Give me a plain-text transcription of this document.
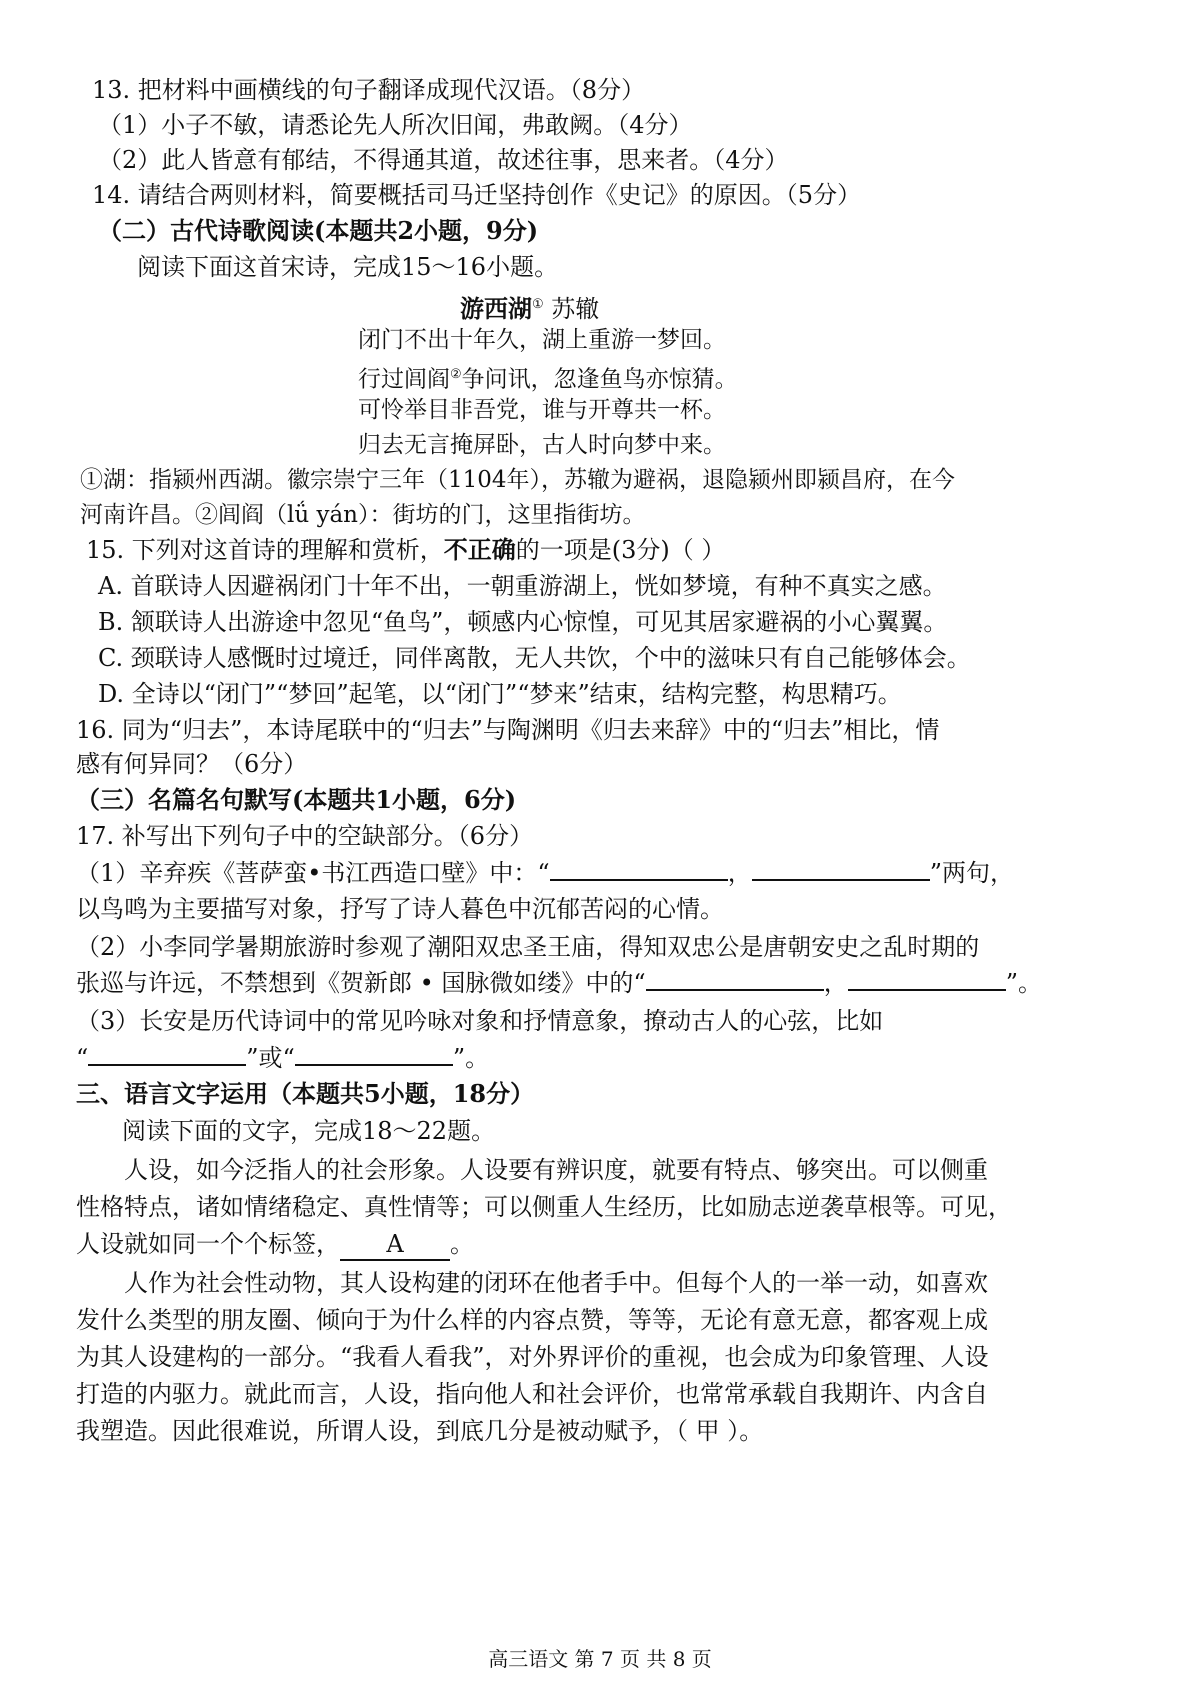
13. 把材料中画横线的句子翻译成现代汉语。（8分）
（1）小子不敏，请悉论先人所次旧闻，弗敢阙。（4分）
（2）此人皆意有郁结，不得通其道，故述往事，思来者。（4分）
14. 请结合两则材料，简要概括司马迁坚持创作《史记》的原因。（5分）
（二）古代诗歌阅读(本题共2小题，9分)
阅读下面这首宋诗，完成15～16小题。
游西湖① 苏辙
闭门不出十年久，湖上重游一梦回。
行过闾阎②争问讯，忽逢鱼鸟亦惊猜。
可怜举目非吾党，谁与开尊共一杯。
归去无言掩屏卧，古人时向梦中来。
①湖：指颍州西湖。徽宗崇宁三年（1104年），苏辙为避祸，退隐颍州即颍昌府，在今
河南许昌。②闾阎（lǘ yán）：街坊的门，这里指街坊。
15. 下列对这首诗的理解和赏析，不正确的一项是(3分)（ ）
A. 首联诗人因避祸闭门十年不出，一朝重游湖上，恍如梦境，有种不真实之感。
B. 颔联诗人出游途中忽见“鱼鸟”，顿感内心惊惶，可见其居家避祸的小心翼翼。
C. 颈联诗人感慨时过境迁，同伴离散，无人共饮，个中的滋味只有自己能够体会。
D. 全诗以“闭门”“梦回”起笔，以“闭门”“梦来”结束，结构完整，构思精巧。
16. 同为“归去”，本诗尾联中的“归去”与陶渊明《归去来辞》中的“归去”相比，情
感有何异同？（6分）
（三）名篇名句默写(本题共1小题，6分)
17. 补写出下列句子中的空缺部分。（6分）
（1）辛弃疾《菩萨蛮•书江西造口壁》中：“	，	”两句，
以鸟鸣为主要描写对象，抒写了诗人暮色中沉郁苦闷的心情。
（2）小李同学暑期旅游时参观了潮阳双忠圣王庙，得知双忠公是唐朝安史之乱时期的
张巡与许远，不禁想到《贺新郎 • 国脉微如缕》中的“	，	”。
（3）长安是历代诗词中的常见吟咏对象和抒情意象，撩动古人的心弦，比如
“	”或“	”。
三、语言文字运用（本题共5小题，18分）
阅读下面的文字，完成18～22题。
人设，如今泛指人的社会形象。人设要有辨识度，就要有特点、够突出。可以侧重
性格特点，诸如情绪稳定、真性情等；可以侧重人生经历，比如励志逆袭草根等。可见，
人设就如同一个个标签， A 。
人作为社会性动物，其人设构建的闭环在他者手中。但每个人的一举一动，如喜欢
发什么类型的朋友圈、倾向于为什么样的内容点赞，等等，无论有意无意，都客观上成
为其人设建构的一部分。“我看人看我”，对外界评价的重视，也会成为印象管理、人设
打造的内驱力。就此而言，人设，指向他人和社会评价，也常常承载自我期许、内含自
我塑造。因此很难说，所谓人设，到底几分是被动赋予，（ 甲 ）。
高三语文 第 7 页 共 8 页
